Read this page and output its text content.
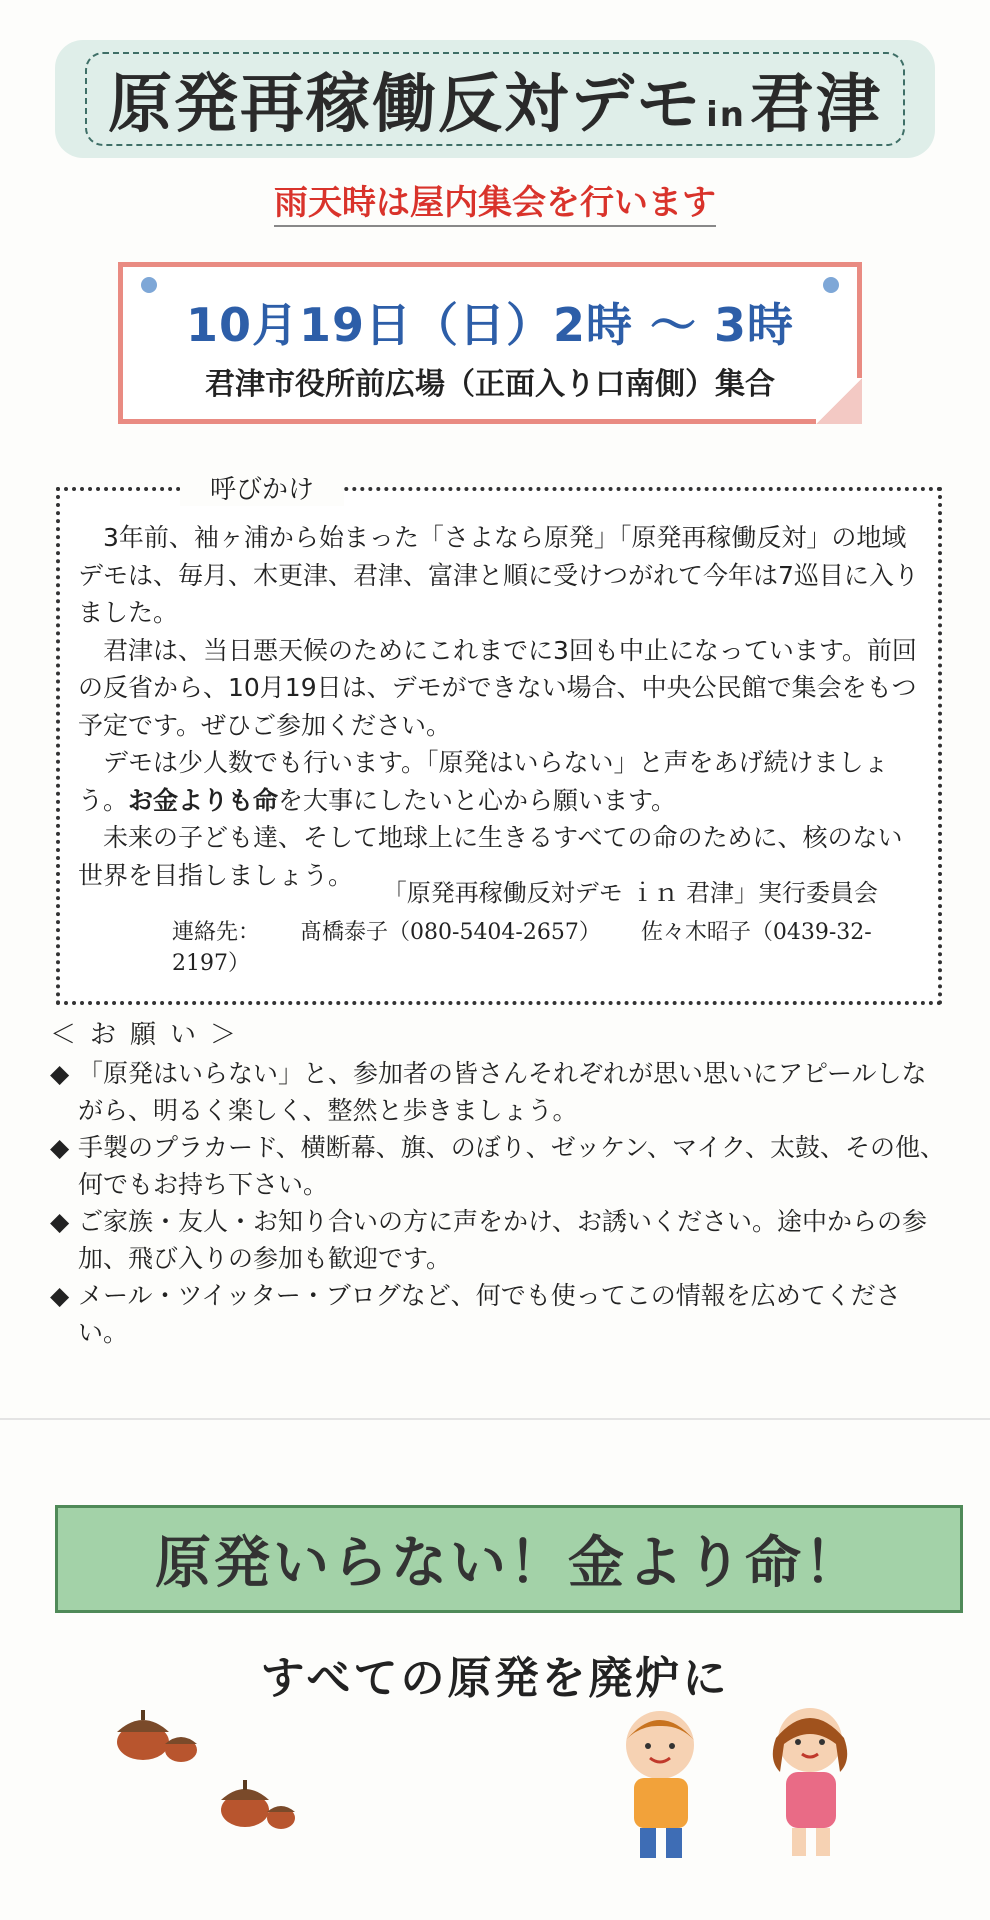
原発再稼働反対デモ in君津
雨天時は屋内集会を行います
10月19日（日）2時 ～ 3時
君津市役所前広場（正面入り口南側）集合
呼びかけ

3年前、袖ヶ浦から始まった「さよなら原発」「原発再稼働反対」の地域デモは、毎月、木更津、君津、富津と順に受けつがれて今年は7巡目に入りました。

君津は、当日悪天候のためにこれまでに3回も中止になっています。前回の反省から、10月19日は、デモができない場合、中央公民館で集会をもつ予定です。ぜひご参加ください。

デモは少人数でも行います。「原発はいらない」と声をあげ続けましょう。お金よりも命を大事にしたいと心から願います。

未来の子ども達、そして地球上に生きるすべての命のために、核のない世界を目指しましょう。

「原発再稼働反対デモ ｉｎ 君津」実行委員会
連絡先： 髙橋泰子（080-5404-2657） 佐々木昭子（0439-32-2197）
＜お願い＞
◆ 「原発はいらない」と、参加者の皆さんそれぞれが思い思いにアピールしながら、明るく楽しく、整然と歩きましょう。
◆ 手製のプラカード、横断幕、旗、のぼり、ゼッケン、マイク、太鼓、その他、何でもお持ち下さい。
◆ ご家族・友人・お知り合いの方に声をかけ、お誘いください。途中からの参加、飛び入りの参加も歓迎です。
◆ メール・ツイッター・ブログなど、何でも使ってこの情報を広めてください。
原発いらない！金より命！
すべての原発を廃炉に
